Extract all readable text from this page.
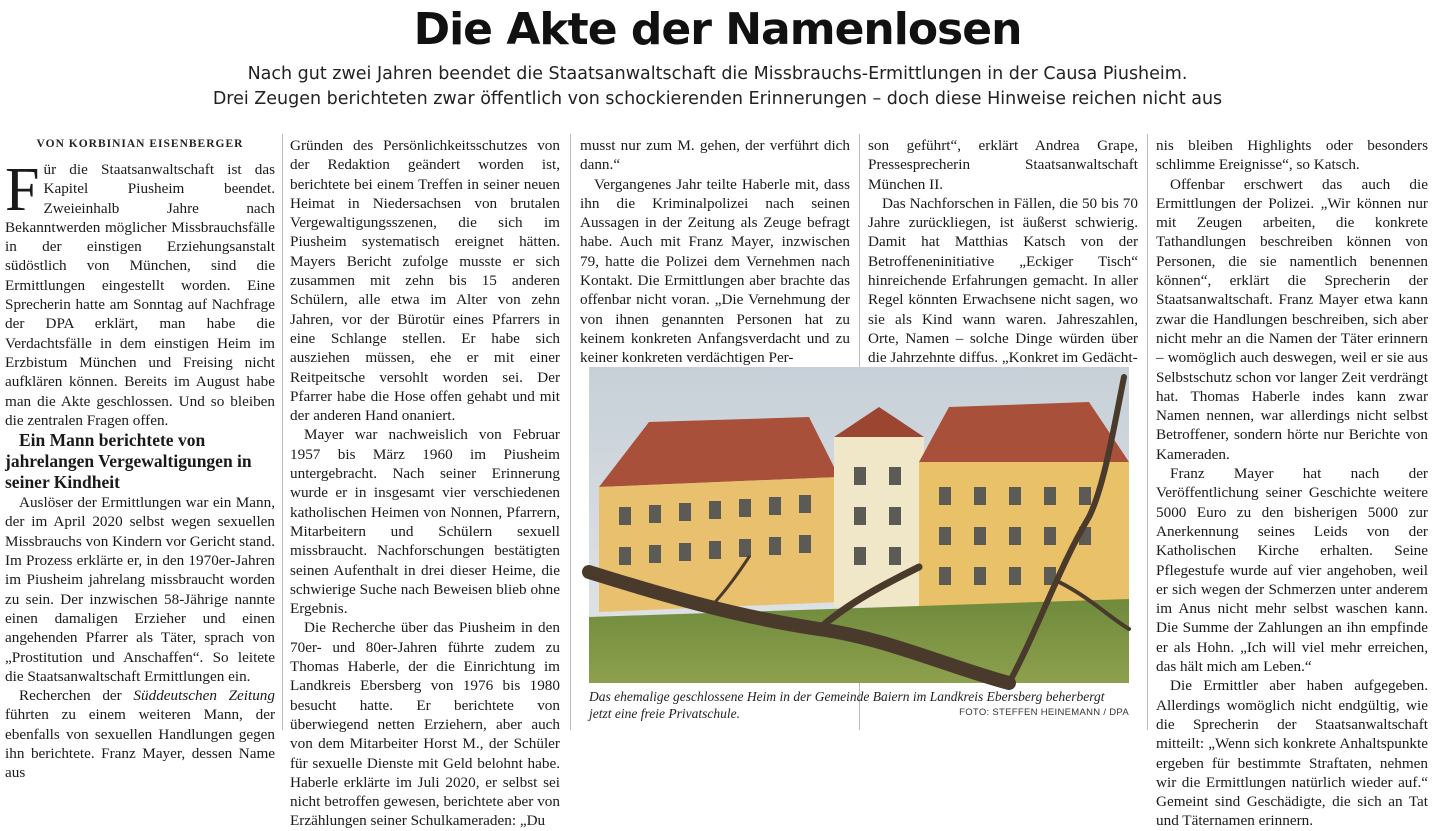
Die Akte der Namenlosen
Nach gut zwei Jahren beendet die Staatsanwaltschaft die Missbrauchs-Ermittlungen in der Causa Piusheim.
Drei Zeugen berichteten zwar öffentlich von schockierenden Erinnerungen – doch diese Hinweise reichen nicht aus
VON KORBINIAN EISENBERGER

Für die Staatsanwaltschaft ist das Kapitel Piusheim beendet. Zweieinhalb Jahre nach Bekanntwerden möglicher Missbrauchsfälle in der einstigen Erziehungsanstalt südöstlich von München, sind die Ermittlungen eingestellt worden. Eine Sprecherin hatte am Sonntag auf Nachfrage der DPA erklärt, man habe die Verdachtsfälle in dem einstigen Heim im Erzbistum München und Freising nicht aufklären können. Bereits im August habe man die Akte geschlossen. Und so bleiben die zentralen Fragen offen.

Ein Mann berichtete von jahrelangen Vergewaltigungen in seiner Kindheit

Auslöser der Ermittlungen war ein Mann, der im April 2020 selbst wegen sexuellen Missbrauchs von Kindern vor Gericht stand. Im Prozess erklärte er, in den 1970er-Jahren im Piusheim jahrelang missbraucht worden zu sein. Der inzwischen 58-Jährige nannte einen damaligen Erzieher und einen angehenden Pfarrer als Täter, sprach von „Prostitution und Anschaffen“. So leitete die Staatsanwaltschaft Ermittlungen ein.

Recherchen der Süddeutschen Zeitung führten zu einem weiteren Mann, der ebenfalls von sexuellen Handlungen gegen ihn berichtete. Franz Mayer, dessen Name aus

Gründen des Persönlichkeitsschutzes von der Redaktion geändert worden ist, berichtete bei einem Treffen in seiner neuen Heimat in Niedersachsen von brutalen Vergewaltigungsszenen, die sich im Piusheim systematisch ereignet hätten. Mayers Bericht zufolge musste er sich zusammen mit zehn bis 15 anderen Schülern, alle etwa im Alter von zehn Jahren, vor der Bürotür eines Pfarrers in eine Schlange stellen. Er habe sich ausziehen müssen, ehe er mit einer Reitpeitsche versohlt worden sei. Der Pfarrer habe die Hose offen gehabt und mit der anderen Hand onaniert.

Mayer war nachweislich von Februar 1957 bis März 1960 im Piusheim untergebracht. Nach seiner Erinnerung wurde er in insgesamt vier verschiedenen katholischen Heimen von Nonnen, Pfarrern, Mitarbeitern und Schülern sexuell missbraucht. Nachforschungen bestätigten seinen Aufenthalt in drei dieser Heime, die schwierige Suche nach Beweisen blieb ohne Ergebnis.

Die Recherche über das Piusheim in den 70er- und 80er-Jahren führte zudem zu Thomas Haberle, der die Einrichtung im Landkreis Ebersberg von 1976 bis 1980 besucht hatte. Er berichtete von überwiegend netten Erziehern, aber auch von dem Mitarbeiter Horst M., der Schüler für sexuelle Dienste mit Geld belohnt habe. Haberle erklärte im Juli 2020, er selbst sei nicht betroffen gewesen, berichtete aber von Erzählungen seiner Schulkameraden: „Du

musst nur zum M. gehen, der verführt dich dann.“

Vergangenes Jahr teilte Haberle mit, dass ihn die Kriminalpolizei nach seinen Aussagen in der Zeitung als Zeuge befragt habe. Auch mit Franz Mayer, inzwischen 79, hatte die Polizei dem Vernehmen nach Kontakt. Die Ermittlungen aber brachte das offenbar nicht voran. „Die Vernehmung der von ihnen genannten Personen hat zu keinem konkreten Anfangsverdacht und zu keiner konkreten verdächtigen Per-

son geführt“, erklärt Andrea Grape, Pressesprecherin Staatsanwaltschaft München II.

Das Nachforschen in Fällen, die 50 bis 70 Jahre zurückliegen, ist äußerst schwierig. Damit hat Matthias Katsch von der Betroffeneninitiative „Eckiger Tisch“ hinreichende Erfahrungen gemacht. In aller Regel könnten Erwachsene nicht sagen, wo sie als Kind wann waren. Jahreszahlen, Orte, Namen – solche Dinge würden über die Jahrzehnte diffus. „Konkret im Gedächt-

nis bleiben Highlights oder besonders schlimme Ereignisse“, so Katsch.

Offenbar erschwert das auch die Ermittlungen der Polizei. „Wir können nur mit Zeugen arbeiten, die konkrete Tathandlungen beschreiben können von Personen, die sie namentlich benennen können“, erklärt die Sprecherin der Staatsanwaltschaft. Franz Mayer etwa kann zwar die Handlungen beschreiben, sich aber nicht mehr an die Namen der Täter erinnern – womöglich auch deswegen, weil er sie aus Selbstschutz schon vor langer Zeit verdrängt hat. Thomas Haberle indes kann zwar Namen nennen, war allerdings nicht selbst Betroffener, sondern hörte nur Berichte von Kameraden.

Franz Mayer hat nach der Veröffentlichung seiner Geschichte weitere 5000 Euro zu den bisherigen 5000 zur Anerkennung seines Leids von der Katholischen Kirche erhalten. Seine Pflegestufe wurde auf vier angehoben, weil er sich wegen der Schmerzen unter anderem im Anus nicht mehr selbst waschen kann. Die Summe der Zahlungen an ihn empfinde er als Hohn. „Ich will viel mehr erreichen, das hält mich am Leben.“

Die Ermittler aber haben aufgegeben. Allerdings womöglich nicht endgültig, wie die Sprecherin der Staatsanwaltschaft mitteilt: „Wenn sich konkrete Anhaltspunkte ergeben für bestimmte Straftaten, nehmen wir die Ermittlungen natürlich wieder auf.“ Gemeint sind Geschädigte, die sich an Tat und Täternamen erinnern.

Das ehemalige geschlossene Heim in der Gemeinde Baiern im Landkreis Ebersberg beherbergt jetzt eine freie Privatschule.	FOTO: STEFFEN HEINEMANN / DPA
